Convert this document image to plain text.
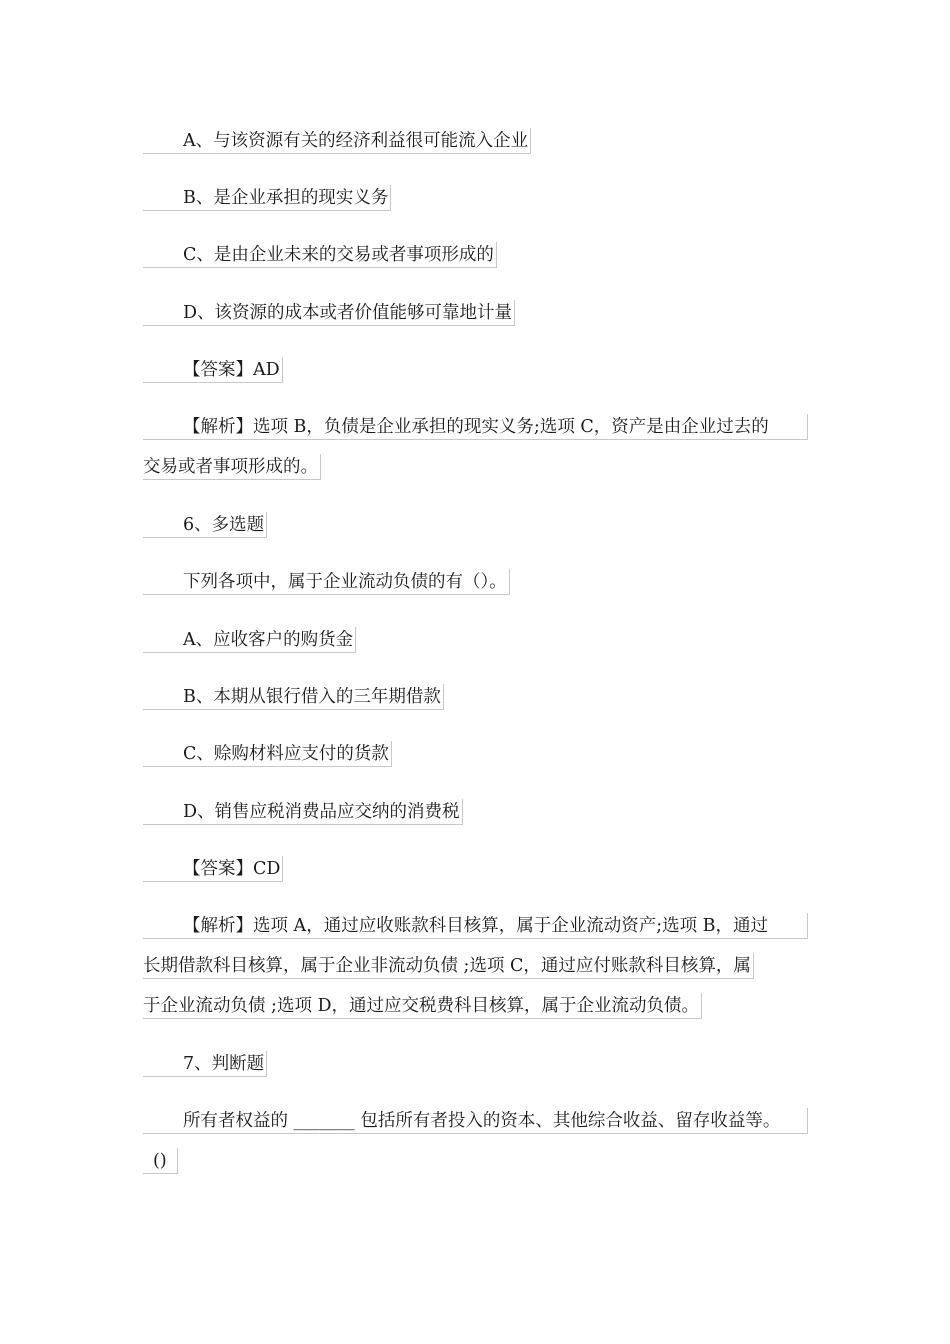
A、与该资源有关的经济利益很可能流入企业
B、是企业承担的现实义务
C、是由企业未来的交易或者事项形成的
D、该资源的成本或者价值能够可靠地计量
【答案】AD
【解析】选项 B，负债是企业承担的现实义务;选项 C，资产是由企业过去的
交易或者事项形成的。
6、多选题
下列各项中，属于企业流动负债的有（）。
A、应收客户的购货金
B、本期从银行借入的三年期借款
C、赊购材料应支付的货款
D、销售应税消费品应交纳的消费税
【答案】CD
【解析】选项 A，通过应收账款科目核算，属于企业流动资产;选项 B，通过
长期借款科目核算，属于企业非流动负债 ;选项 C，通过应付账款科目核算，属
于企业流动负债 ;选项 D，通过应交税费科目核算，属于企业流动负债。
7、判断题
所有者权益的 _______ 包括所有者投入的资本、其他综合收益、留存收益等。
()
